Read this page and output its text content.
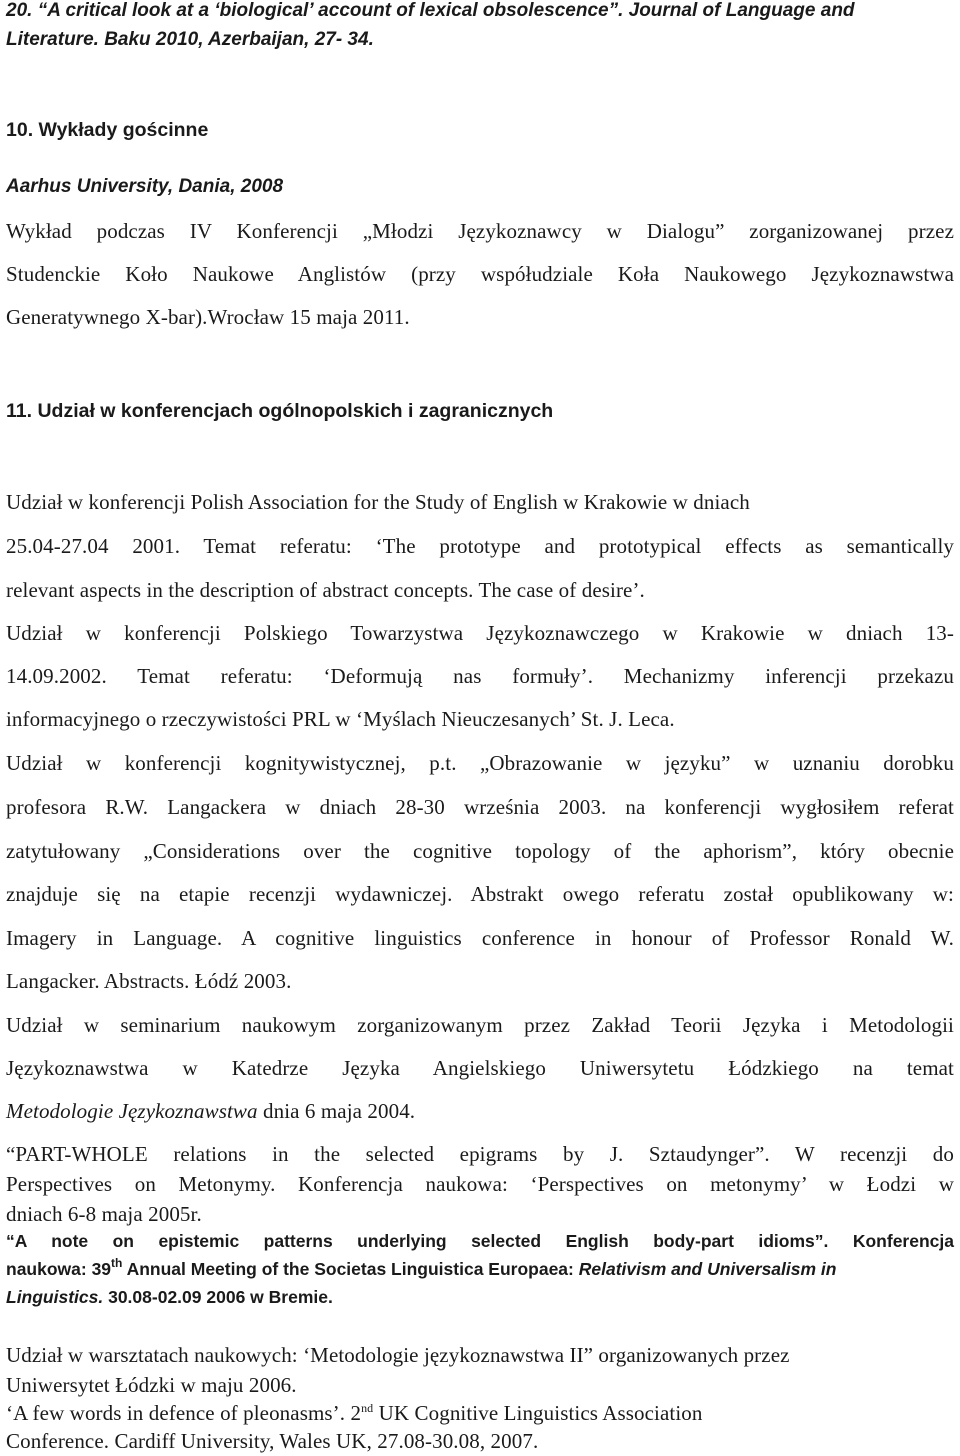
20. “A critical look at a ‘biological’ account of lexical obsolescence”. Journal of Language and
Literature. Baku 2010, Azerbaijan, 27- 34.
10. Wykłady gościnne
Aarhus University, Dania, 2008
Wykład podczas IV Konferencji „Młodzi Językoznawcy w Dialogu” zorganizowanej przez
Studenckie Koło Naukowe Anglistów (przy współudziale Koła Naukowego Językoznawstwa
Generatywnego X-bar).Wrocław 15 maja 2011.
11. Udział w konferencjach ogólnopolskich i zagranicznych
Udział w konferencji Polish Association for the Study of English w Krakowie w dniach
25.04-27.04 2001. Temat referatu: ‘The prototype and prototypical effects as semantically
relevant aspects in the description of abstract concepts. The case of desire’.
Udział w konferencji Polskiego Towarzystwa Językoznawczego w Krakowie w dniach 13-
14.09.2002. Temat referatu: ‘Deformują nas formuły’. Mechanizmy inferencji przekazu
informacyjnego o rzeczywistości PRL w ‘Myślach Nieuczesanych’ St. J. Leca.
Udział w konferencji kognitywistycznej, p.t. „Obrazowanie w języku” w uznaniu dorobku
profesora R.W. Langackera w dniach 28-30 września 2003. na konferencji wygłosiłem referat
zatytułowany „Considerations over the cognitive topology of the aphorism”, który obecnie
znajduje się na etapie recenzji wydawniczej. Abstrakt owego referatu został opublikowany w:
Imagery in Language. A cognitive linguistics conference in honour of Professor Ronald W.
Langacker. Abstracts. Łódź 2003.
Udział w seminarium naukowym zorganizowanym przez Zakład Teorii Języka i Metodologii
Językoznawstwa w Katedrze Języka Angielskiego Uniwersytetu Łódzkiego na temat
Metodologie Językoznawstwa dnia 6 maja 2004.
“PART-WHOLE relations in the selected epigrams by J. Sztaudynger”. W recenzji do
Perspectives on Metonymy. Konferencja naukowa: ‘Perspectives on metonymy’ w Łodzi w
dniach 6-8 maja 2005r.
“A note on epistemic patterns underlying selected English body-part idioms”. Konferencja
naukowa: 39th Annual Meeting of the Societas Linguistica Europaea: Relativism and Universalism in
Linguistics. 30.08-02.09 2006 w Bremie.
Udział w warsztatach naukowych: ‘Metodologie językoznawstwa II” organizowanych przez
Uniwersytet Łódzki w maju 2006.
‘A few words in defence of pleonasms’. 2nd UK Cognitive Linguistics Association
Conference. Cardiff University, Wales UK, 27.08-30.08, 2007.
